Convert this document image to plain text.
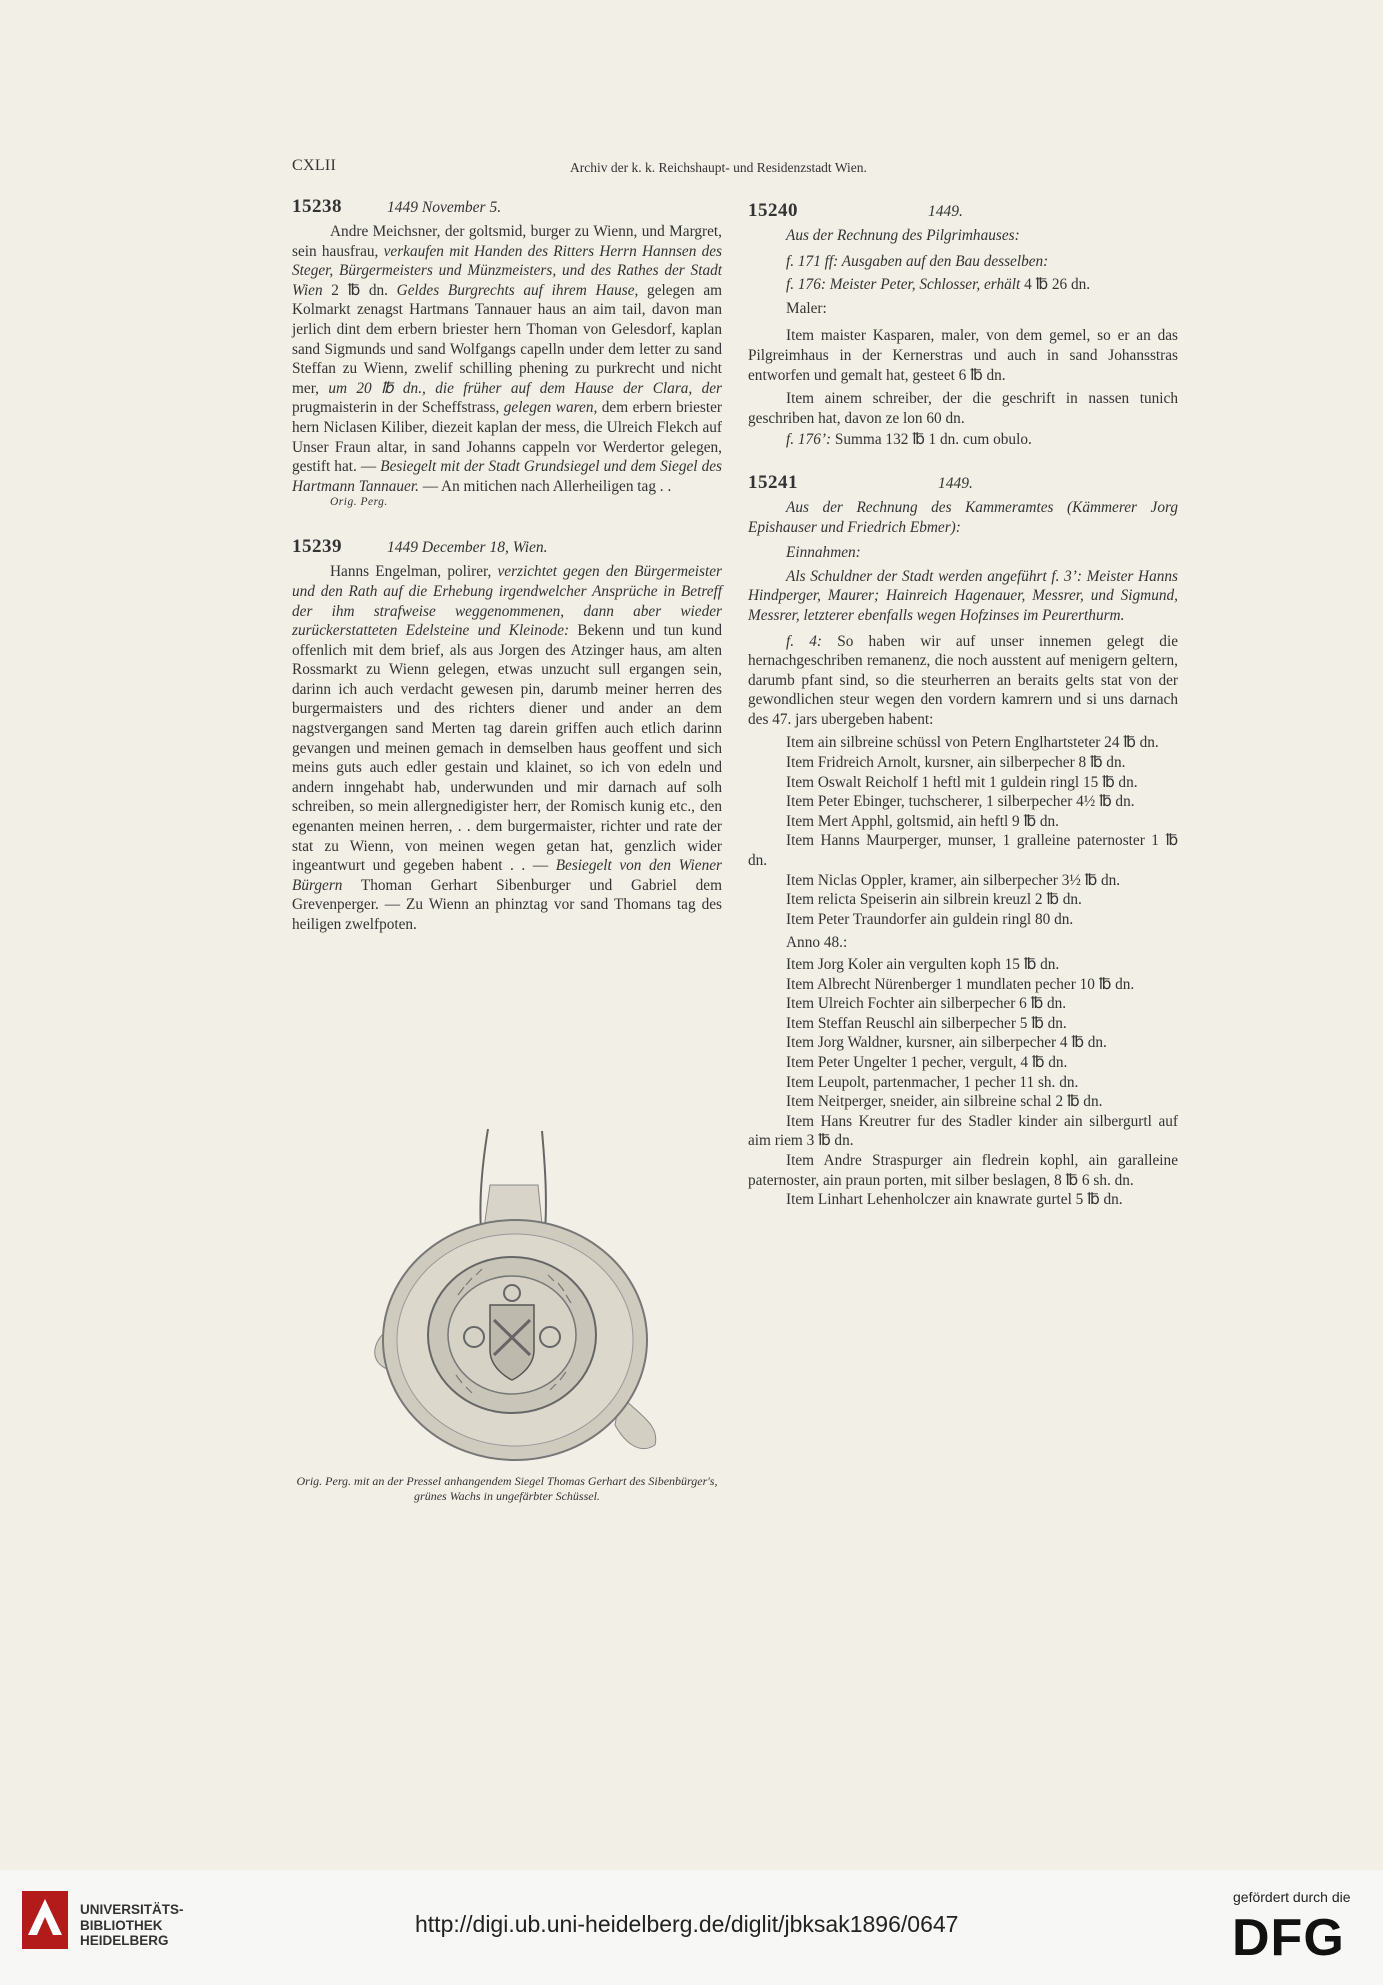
CXLII	Archiv der k. k. Reichshaupt- und Residenzstadt Wien.
15238	1449 November 5.

Andre Meichsner, der goltsmid, burger zu Wienn, und Margret, sein hausfrau, verkaufen mit Handen des Ritters Herrn Hannsen des Steger, Bürgermeisters und Münzmeisters, und des Rathes der Stadt Wien 2 ℔ dn. Geldes Burgrechts auf ihrem Hause, gelegen am Kolmarkt zenagst Hartmans Tannauer haus an aim tail, davon man jerlich dint dem erbern briester hern Thoman von Gelesdorf, kaplan sand Sigmunds und sand Wolfgangs capelln under dem letter zu sand Steffan zu Wienn, zwelif schilling phening zu purkrecht und nicht mer, um 20 ℔ dn., die früher auf dem Hause der Clara, der prugmaisterin in der Scheffstrass, gelegen waren, dem erbern briester hern Niclasen Kiliber, diezeit kaplan der mess, die Ulreich Flekch auf Unser Fraun altar, in sand Johanns cappeln vor Werdertor gelegen, gestift hat. — Besiegelt mit der Stadt Grundsiegel und dem Siegel des Hartmann Tannauer. — An mitichen nach Allerheiligen tag . .

Orig. Perg.
15239	1449 December 18, Wien.

Hanns Engelman, polirer, verzichtet gegen den Bürgermeister und den Rath auf die Erhebung irgendwelcher Ansprüche in Betreff der ihm strafweise weggenommenen, dann aber wieder zurückerstatteten Edelsteine und Kleinode: Bekenn und tun kund offenlich mit dem brief, als aus Jorgen des Atzinger haus, am alten Rossmarkt zu Wienn gelegen, etwas unzucht sull ergangen sein, darinn ich auch verdacht gewesen pin, darumb meiner herren des burgermaisters und des richters diener und ander an dem nagstvergangen sand Merten tag darein griffen auch etlich darinn gevangen und meinen gemach in demselben haus geoffent und sich meins guts auch edler gestain und klainet, so ich von edeln und andern inngehabt hab, underwunden und mir darnach auf solh schreiben, so mein allergnedigister herr, der Romisch kunig etc., den egenanten meinen herren, . . dem burgermaister, richter und rate der stat zu Wienn, von meinen wegen getan hat, genzlich wider ingeantwurt und gegeben habent . . — Besiegelt von den Wiener Bürgern Thoman Gerhart Sibenburger und Gabriel dem Grevenperger. — Zu Wienn an phinztag vor sand Thomans tag des heiligen zwelfpoten.

Orig. Perg. mit an der Pressel anhangendem Siegel Thomas Gerhart des Sibenbürger's, grünes Wachs in ungefärbter Schüssel.
15240	1449.

Aus der Rechnung des Pilgrimhauses:

f. 171 ff: Ausgaben auf den Bau desselben:

f. 176: Meister Peter, Schlosser, erhält 4 ℔ 26 dn.

Maler:

Item maister Kasparen, maler, von dem gemel, so er an das Pilgreimhaus in der Kernerstras und auch in sand Johansstras entworfen und gemalt hat, gesteet 6 ℔ dn.

Item ainem schreiber, der die geschrift in nassen tunich geschriben hat, davon ze lon 60 dn.

f. 176’: Summa 132 ℔ 1 dn. cum obulo.

15241	1449.

Aus der Rechnung des Kammeramtes (Kämmerer Jorg Epishauser und Friedrich Ebmer):

Einnahmen:

Als Schuldner der Stadt werden angeführt f. 3’: Meister Hanns Hindperger, Maurer; Hainreich Hagenauer, Messrer, und Sigmund, Messrer, letzterer ebenfalls wegen Hofzinses im Peurerthurm.

f. 4: So haben wir auf unser innemen gelegt die hernachgeschriben remanenz, die noch ausstent auf menigern geltern, darumb pfant sind, so die steurherren an beraits gelts stat von der gewondlichen steur wegen den vordern kamrern und si uns darnach des 47. jars ubergeben habent:

Item ain silbreine schüssl von Petern Englhartsteter 24 ℔ dn.

Item Fridreich Arnolt, kursner, ain silberpecher 8 ℔ dn.

Item Oswalt Reicholf 1 heftl mit 1 guldein ringl 15 ℔ dn.

Item Peter Ebinger, tuchscherer, 1 silberpecher 4½ ℔ dn.

Item Mert Apphl, goltsmid, ain heftl 9 ℔ dn.

Item Hanns Maurperger, munser, 1 gralleine paternoster 1 ℔ dn.

Item Niclas Oppler, kramer, ain silberpecher 3½ ℔ dn.

Item relicta Speiserin ain silbrein kreuzl 2 ℔ dn.

Item Peter Traundorfer ain guldein ringl 80 dn.

Anno 48.:

Item Jorg Koler ain vergulten koph 15 ℔ dn.

Item Albrecht Nürenberger 1 mundlaten pecher 10 ℔ dn.

Item Ulreich Fochter ain silberpecher 6 ℔ dn.

Item Steffan Reuschl ain silberpecher 5 ℔ dn.

Item Jorg Waldner, kursner, ain silberpecher 4 ℔ dn.

Item Peter Ungelter 1 pecher, vergult, 4 ℔ dn.

Item Leupolt, partenmacher, 1 pecher 11 sh. dn.

Item Neitperger, sneider, ain silbreine schal 2 ℔ dn.

Item Hans Kreutrer fur des Stadler kinder ain silbergurtl auf aim riem 3 ℔ dn.

Item Andre Straspurger ain fledrein kophl, ain garalleine paternoster, ain praun porten, mit silber beslagen, 8 ℔ 6 sh. dn.

Item Linhart Lehenholczer ain knawrate gurtel 5 ℔ dn.

UNIVERSITÄTS-
BIBLIOTHEK
HEIDELBERG
http://digi.ub.uni-heidelberg.de/diglit/jbksak1896/0647
gefördert durch die
DFG
